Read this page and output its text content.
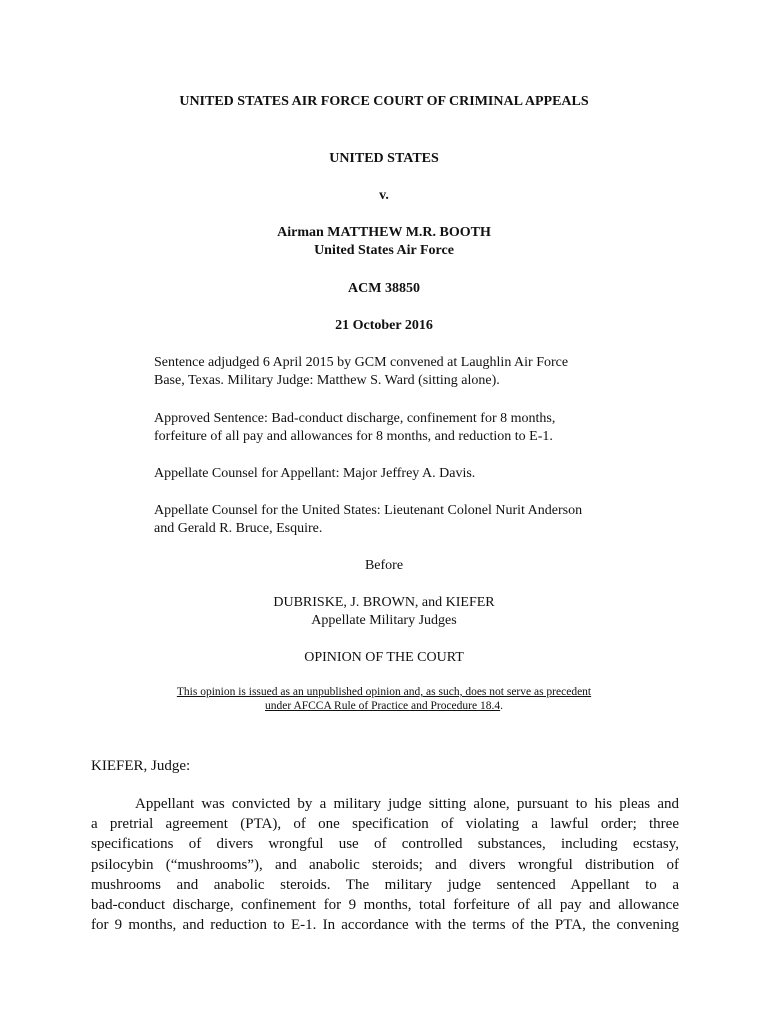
UNITED STATES AIR FORCE COURT OF CRIMINAL APPEALS
UNITED STATES
v.
Airman MATTHEW M.R. BOOTH
United States Air Force
ACM 38850
21 October 2016
Sentence adjudged 6 April 2015 by GCM convened at Laughlin Air Force
Base, Texas. Military Judge: Matthew S. Ward (sitting alone).
Approved Sentence: Bad-conduct discharge, confinement for 8 months,
forfeiture of all pay and allowances for 8 months, and reduction to E-1.
Appellate Counsel for Appellant: Major Jeffrey A. Davis.
Appellate Counsel for the United States: Lieutenant Colonel Nurit Anderson
and Gerald R. Bruce, Esquire.
Before
DUBRISKE, J. BROWN, and KIEFER
Appellate Military Judges
OPINION OF THE COURT
This opinion is issued as an unpublished opinion and, as such, does not serve as precedent
under AFCCA Rule of Practice and Procedure 18.4.
KIEFER, Judge:
Appellant was convicted by a military judge sitting alone, pursuant to his pleas and
a pretrial agreement (PTA), of one specification of violating a lawful order; three
specifications of divers wrongful use of controlled substances, including ecstasy,
psilocybin (“mushrooms”), and anabolic steroids; and divers wrongful distribution of
mushrooms and anabolic steroids. The military judge sentenced Appellant to a
bad-conduct discharge, confinement for 9 months, total forfeiture of all pay and allowance
for 9 months, and reduction to E-1. In accordance with the terms of the PTA, the convening
